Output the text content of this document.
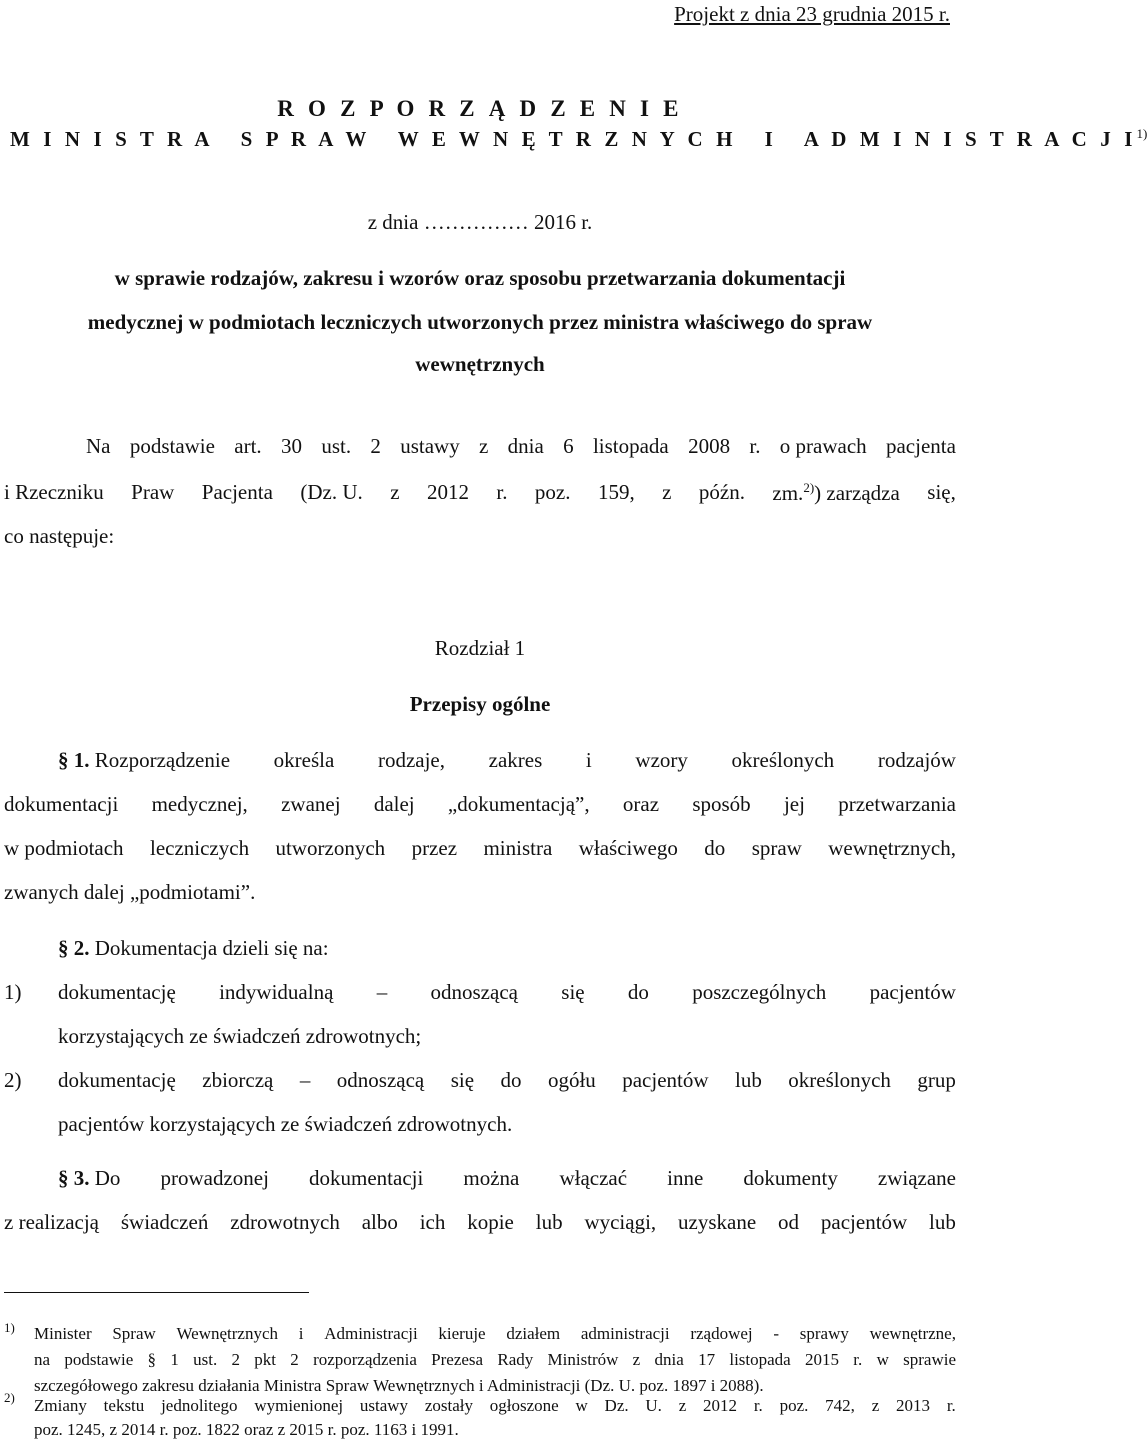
Projekt z dnia 23 grudnia 2015 r.
R O Z P O R Z Ą D Z E N I E
M I N I S T R A   S P R A W   W E W N Ę T R Z N Y C H   I   A D M I N I S T R A C J $I^{1)}$
z dnia …………… 2016 r.
w sprawie rodzajów, zakresu i wzorów oraz sposobu przetwarzania dokumentacji
medycznej w podmiotach leczniczych utworzonych przez ministra właściwego do spraw
wewnętrznych
Na podstawie art. 30 ust. 2 ustawy z dnia 6 listopada 2008 r. o prawach pacjenta
i Rzeczniku Praw Pacjenta (Dz. U. z 2012 r. poz. 159, z późn. zm.$^{2)}$) zarządza się,
co następuje:
Rozdział 1
Przepisy ogólne
§ 1. Rozporządzenie określa rodzaje, zakres i wzory określonych rodzajów
dokumentacji medycznej, zwanej dalej „dokumentacją”, oraz sposób jej przetwarzania
w podmiotach leczniczych utworzonych przez ministra właściwego do spraw wewnętrznych,
zwanych dalej „podmiotami”.
§ 2. Dokumentacja dzieli się na:
1) dokumentację indywidualną – odnoszącą się do poszczególnych pacjentów
korzystających ze świadczeń zdrowotnych;
2) dokumentację zbiorczą – odnoszącą się do ogółu pacjentów lub określonych grup
pacjentów korzystających ze świadczeń zdrowotnych.
§ 3. Do prowadzonej dokumentacji można włączać inne dokumenty związane
z realizacją świadczeń zdrowotnych albo ich kopie lub wyciągi, uzyskane od pacjentów lub
1) Minister Spraw Wewnętrznych i Administracji kieruje działem administracji rządowej - sprawy wewnętrzne,
na podstawie § 1 ust. 2 pkt 2 rozporządzenia Prezesa Rady Ministrów z dnia 17 listopada 2015 r. w sprawie
szczegółowego zakresu działania Ministra Spraw Wewnętrznych i Administracji (Dz. U. poz. 1897 i 2088).
2) Zmiany tekstu jednolitego wymienionej ustawy zostały ogłoszone w Dz. U. z 2012 r. poz. 742, z 2013 r.
poz. 1245, z 2014 r. poz. 1822 oraz z 2015 r. poz. 1163 i 1991.
